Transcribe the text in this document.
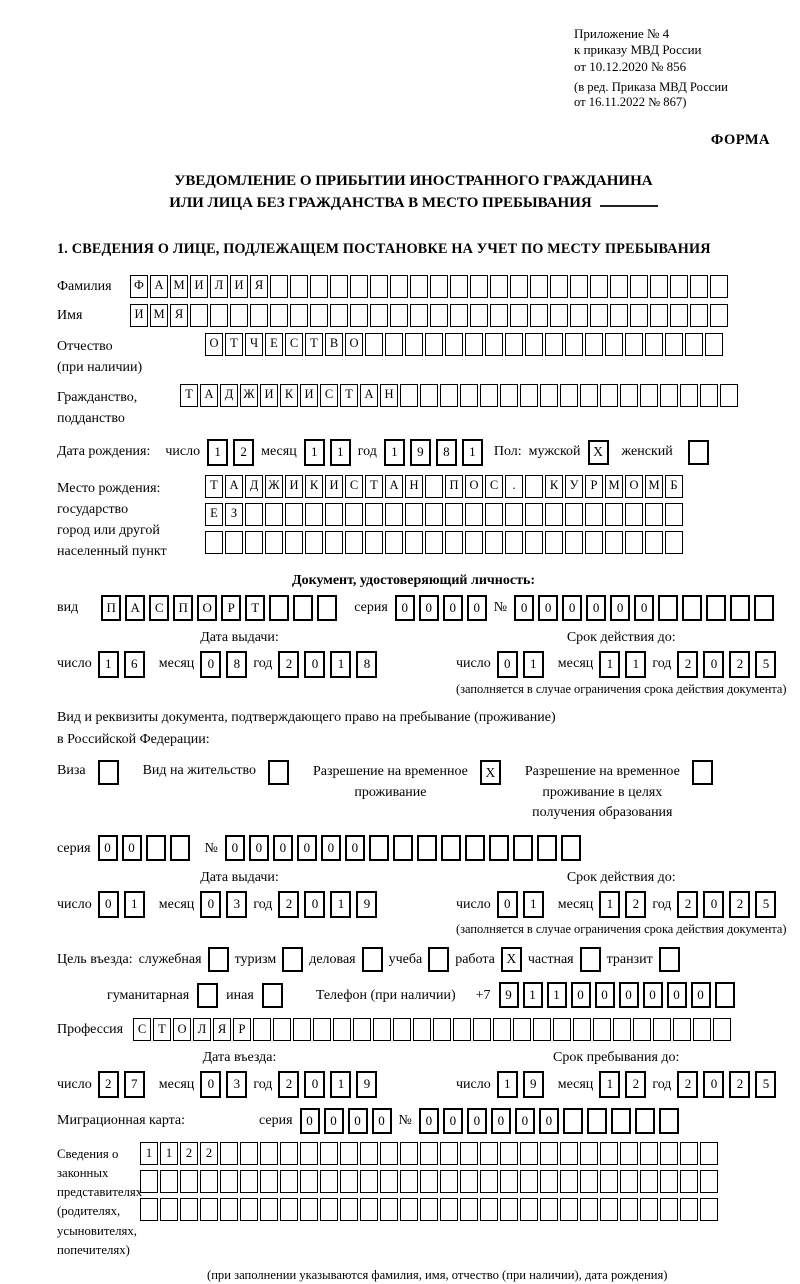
Приложение № 4
к приказу МВД России
от 10.12.2020 № 856
(в ред. Приказа МВД России
от 16.11.2022 № 867)
ФОРМА
УВЕДОМЛЕНИЕ О ПРИБЫТИИ ИНОСТРАННОГО ГРАЖДАНИНА
ИЛИ ЛИЦА БЕЗ ГРАЖДАНСТВА В МЕСТО ПРЕБЫВАНИЯ
1. СВЕДЕНИЯ О ЛИЦЕ, ПОДЛЕЖАЩЕМ ПОСТАНОВКЕ НА УЧЕТ ПО МЕСТУ ПРЕБЫВАНИЯ
Фамилия	Ф А М И Л И Я
Имя	И М Я
Отчество
(при наличии)
О Т Ч Е С Т В О
Гражданство,
подданство
Т А Д Ж И К И С Т А Н
Дата рождения: число	1	2	месяц	1	1	год	1	9	8	1	Пол: мужской X	женский
Место рождения:
государство
город или другой
населенный пункт
Т А Д Ж И К И С Т А Н	П О С	.	К У Р М О М Б
Е	З
Документ, удостоверяющий личность:
вид	П	А	С	П	О	Р	Т	серия	0	0	0	0 №	0	0	0	0	0	0
Дата выдачи:
число	1	6	месяц	0	8 год	2	0	1	8
Срок действия до:
число	0	1	месяц	1	1 год	2	0	2	5
(заполняется в случае ограничения срока действия документа)
Вид и реквизиты документа, подтверждающего право на пребывание (проживание)
в Российской Федерации:
Виза	Вид на жительство	Разрешение на временное
проживание
X	Разрешение на временное
проживание в целях
получения образования
серия	0	0	№	0	0	0	0	0	0
Дата выдачи:
число	0	1	месяц	0	3 год	2	0	1	9
Срок действия до:
число	0	1	месяц	1	2 год	2	0	2	5
(заполняется в случае ограничения срока действия документа)
Цель въезда: служебная туризм деловая учеба работа X частная транзит
гуманитарная	иная	Телефон (при наличии) +7	9	1	1	0	0	0	0	0	0
Профессия	С Т О Л Я Р
Дата въезда:
число	2	7	месяц	0	3 год	2	0	1	9
Срок пребывания до:
число	1	9	месяц	1	2 год	2	0	2	5
Миграционная карта:	серия	0	0	0	0 №	0	0	0	0	0	0
Сведения о
законных
представителях
(родителях,
усыновителях,
попечителях)
1	1	2	2
(при заполнении указываются фамилия, имя, отчество (при наличии), дата рождения)
